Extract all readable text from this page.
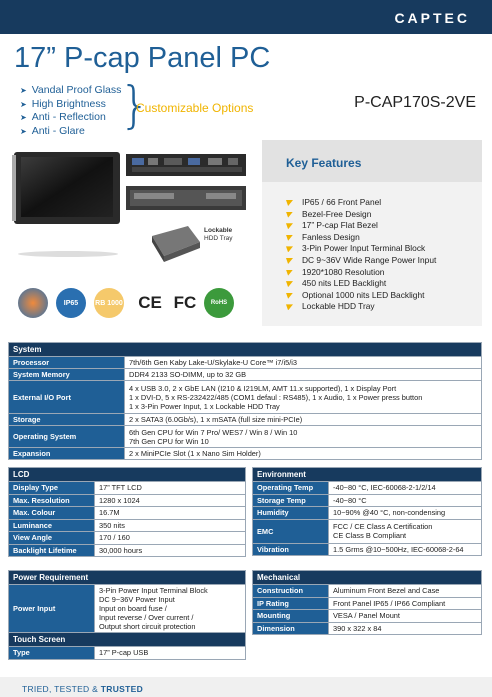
CAPTEC
17” P-cap Panel PC
➤ Vandal Proof Glass
➤ High Brightness
➤ Anti - Reflection
➤ Anti - Glare }
Customizable Options	P-CAP170S-2VE
Lockable
HDD Tray
Key Features
IP65 / 66 Front Panel
Bezel-Free Design
17” P-cap Flat Bezel
Fanless Design
3-Pin Power Input Terminal Block
DC 9~36V Wide Range Power Input
1920*1080 Resolution
450 nits LED Backlight
Optional 1000 nits LED Backlight
Lockable HDD Tray
IP65	RB 1000 CE FC	RoHS
System	
Processor	7th/6th Gen Kaby Lake-U/Skylake-U Core™ i7/i5/i3
System Memory	DDR4 2133 SO-DIMM, up to 32 GB
External I/O Port	4 x USB 3.0, 2 x GbE LAN (I210 & I219LM, AMT 11.x supported), 1 x Display Port
1 x DVI-D, 5 x RS-232422/485 (COM1 defaul : RS485), 1 x Audio, 1 x Power press button
1 x 3-Pin Power Input, 1 x Lockable HDD Tray

Storage	2 x SATA3 (6.0Gb/s), 1 x mSATA (full size mini-PCIe)
Operating System	6th Gen CPU for Win 7 Pro/ WES7 / Win 8 / Win 10
7th Gen CPU for Win 10

Expansion	2 x MiniPCIe Slot (1 x Nano Sim Holder)
LCD	
Display Type	17” TFT LCD
Max. Resolution	1280 x 1024
Max. Colour	16.7M
Luminance	350 nits
View Angle	170 / 160
Backlight Lifetime	30,000 hours
Environment	
Operating Temp	-40~80 °C, IEC-60068-2-1/2/14
Storage Temp	-40~80 °C
Humidity	10~90% @40 °C, non-condensing
EMC	FCC / CE Class A Certification
CE Class B Compliant

Vibration	1.5 Grms @10~500Hz, IEC-60068-2-64
Power Requirement	
Power Input	3-Pin Power Input Terminal Block
DC 9~36V Power Input
Input on board fuse /
Input reverse / Over current /
Output short circuit protection

Touch Screen	
Type	17” P-cap USB
Mechanical	
Construction	Aluminum Front Bezel and Case
IP Rating	Front Panel IP65 / IP66 Compliant
Mounting	VESA / Panel Mount
Dimension	390 x 322 x 84
TRIED, TESTED & TRUSTED
